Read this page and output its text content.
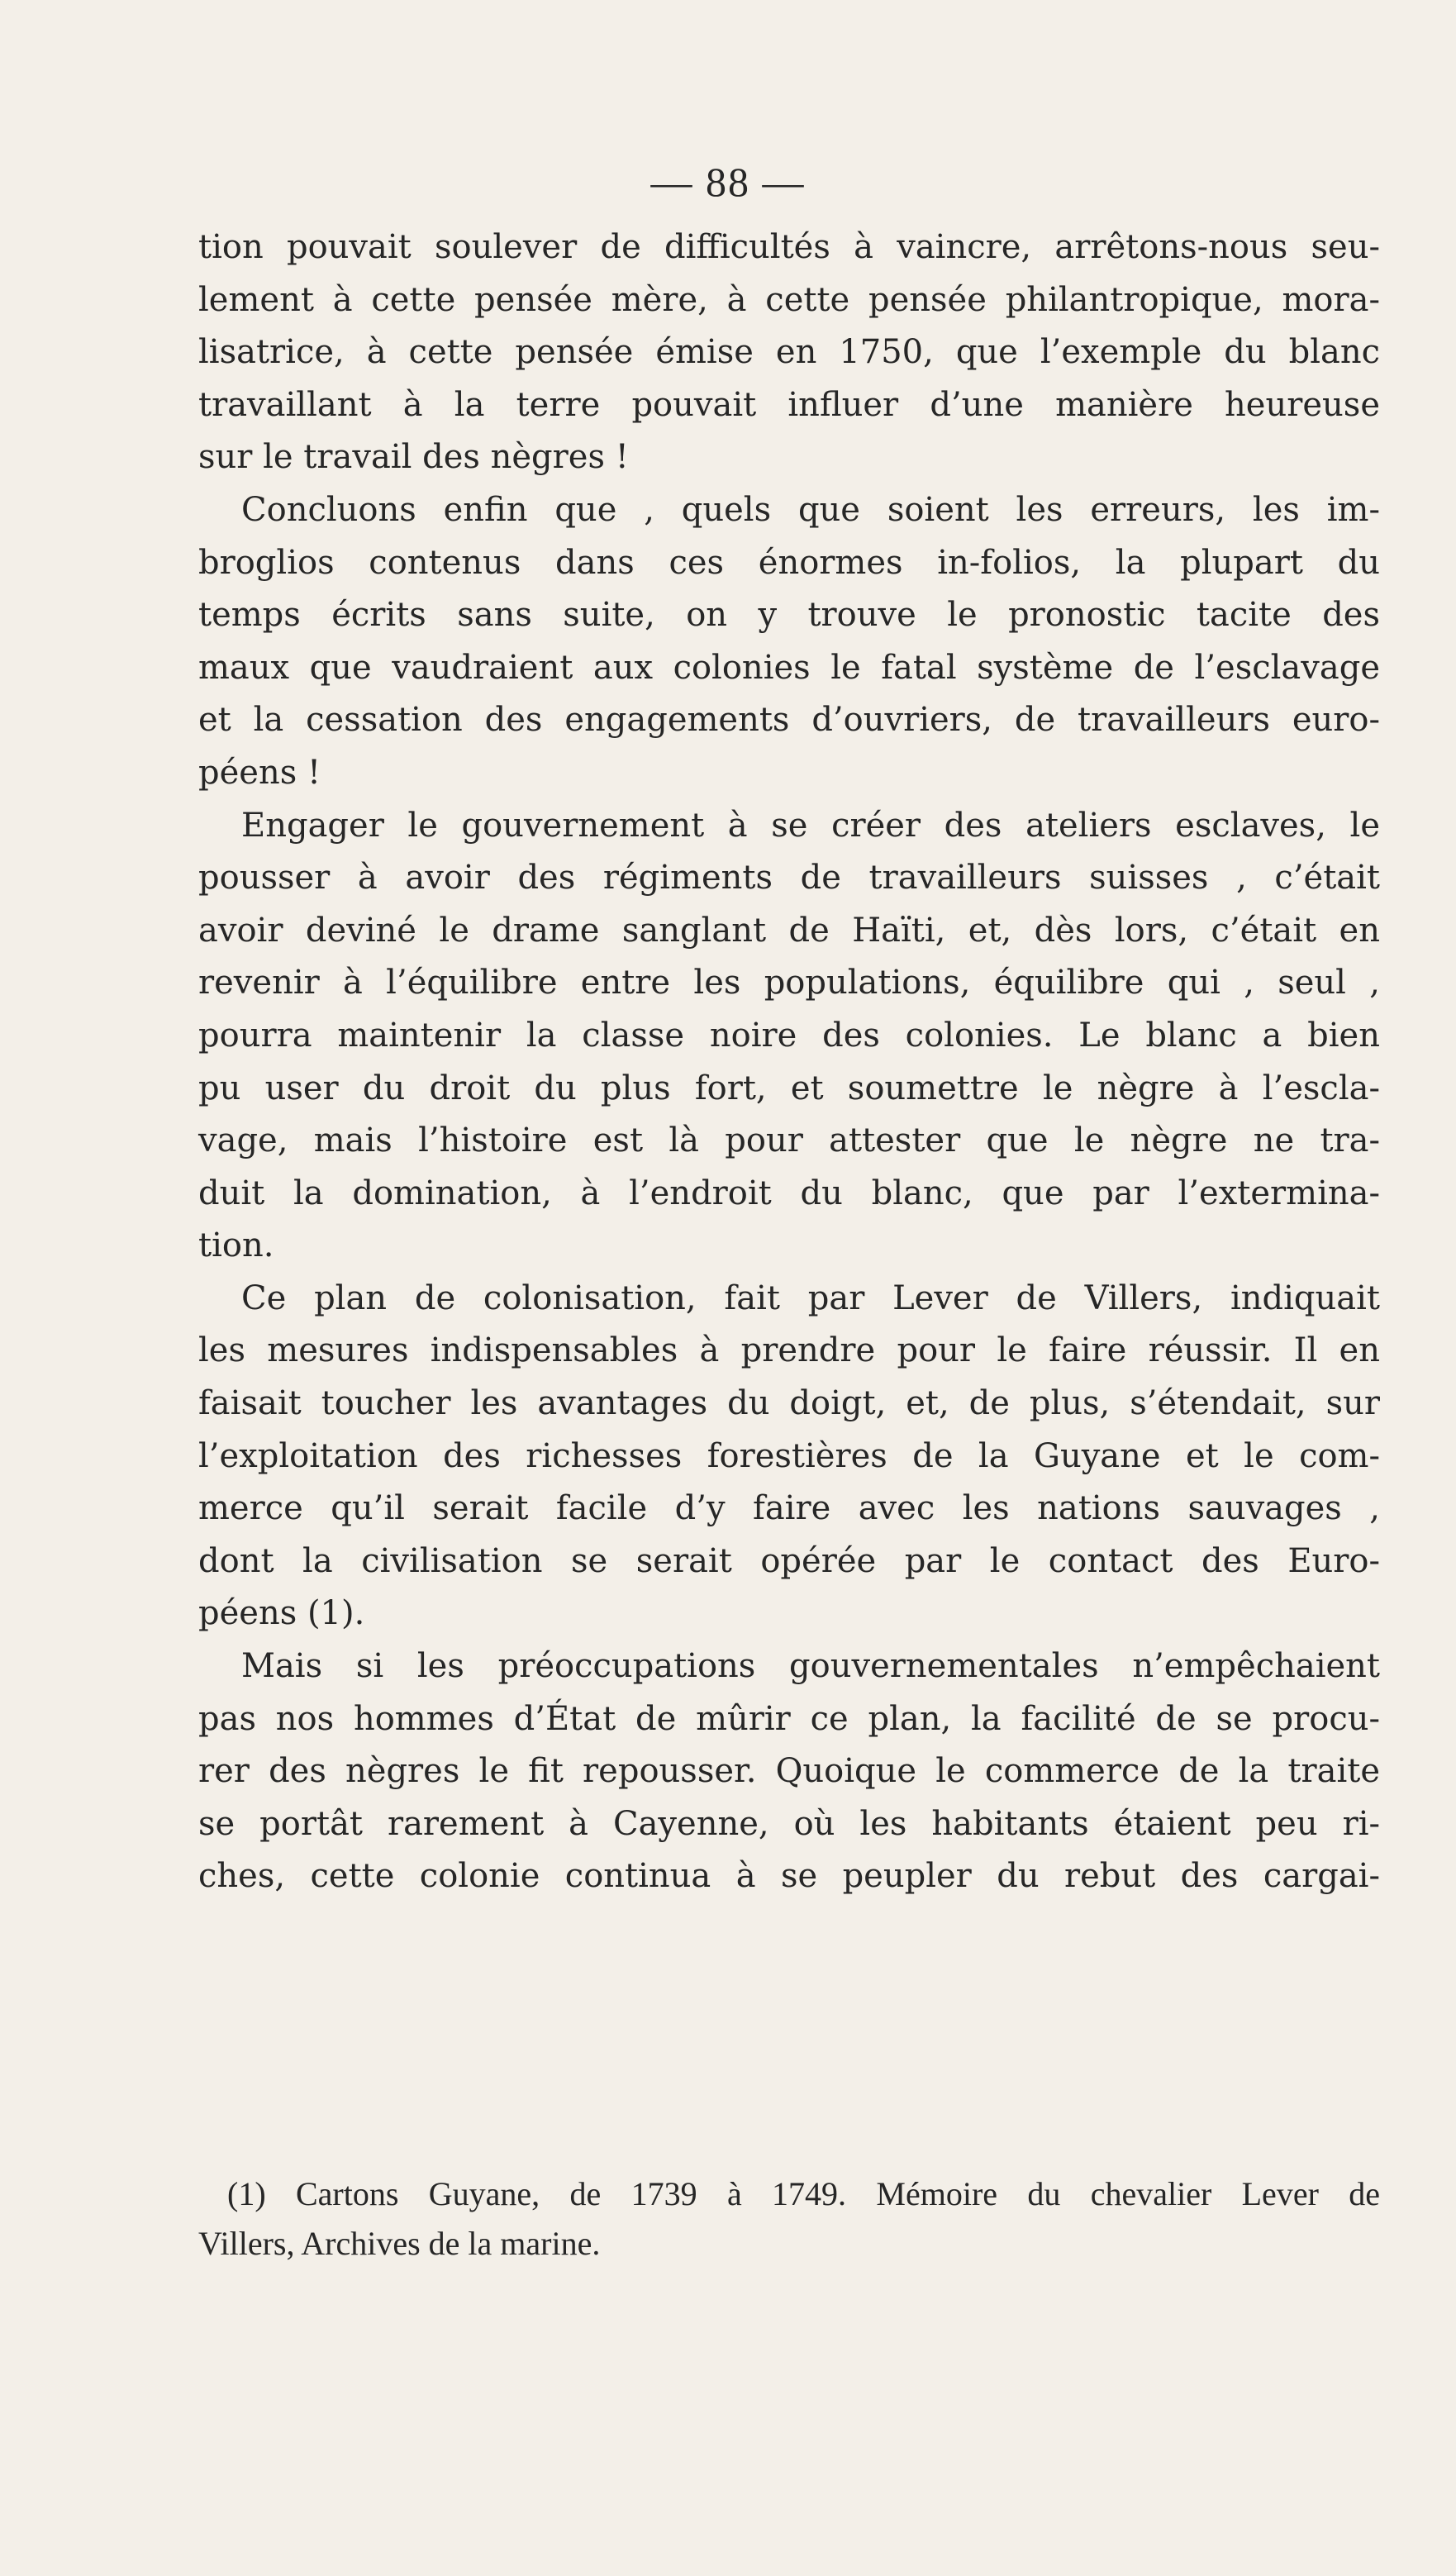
— 88 —
tion pouvait soulever de difficultés à vaincre, arrêtons-nous seu-
lement à cette pensée mère, à cette pensée philantropique, mora-
lisatrice, à cette pensée émise en 1750, que l’exemple du blanc
travaillant à la terre pouvait influer d’une manière heureuse
sur le travail des nègres !
Concluons enfin que , quels que soient les erreurs, les im-
broglios contenus dans ces énormes in-folios, la plupart du
temps écrits sans suite, on y trouve le pronostic tacite des
maux que vaudraient aux colonies le fatal système de l’esclavage
et la cessation des engagements d’ouvriers, de travailleurs euro-
péens !
Engager le gouvernement à se créer des ateliers esclaves, le
pousser à avoir des régiments de travailleurs suisses , c’était
avoir deviné le drame sanglant de Haïti, et, dès lors, c’était en
revenir à l’équilibre entre les populations, équilibre qui , seul ,
pourra maintenir la classe noire des colonies. Le blanc a bien
pu user du droit du plus fort, et soumettre le nègre à l’escla-
vage, mais l’histoire est là pour attester que le nègre ne tra-
duit la domination, à l’endroit du blanc, que par l’extermina-
tion.
Ce plan de colonisation, fait par Lever de Villers, indiquait
les mesures indispensables à prendre pour le faire réussir. Il en
faisait toucher les avantages du doigt, et, de plus, s’étendait, sur
l’exploitation des richesses forestières de la Guyane et le com-
merce qu’il serait facile d’y faire avec les nations sauvages ,
dont la civilisation se serait opérée par le contact des Euro-
péens (1).
Mais si les préoccupations gouvernementales n’empêchaient
pas nos hommes d’État de mûrir ce plan, la facilité de se procu-
rer des nègres le fit repousser. Quoique le commerce de la traite
se portât rarement à Cayenne, où les habitants étaient peu ri-
ches, cette colonie continua à se peupler du rebut des cargai-
(1) Cartons Guyane, de 1739 à 1749. Mémoire du chevalier Lever de
Villers, Archives de la marine.
